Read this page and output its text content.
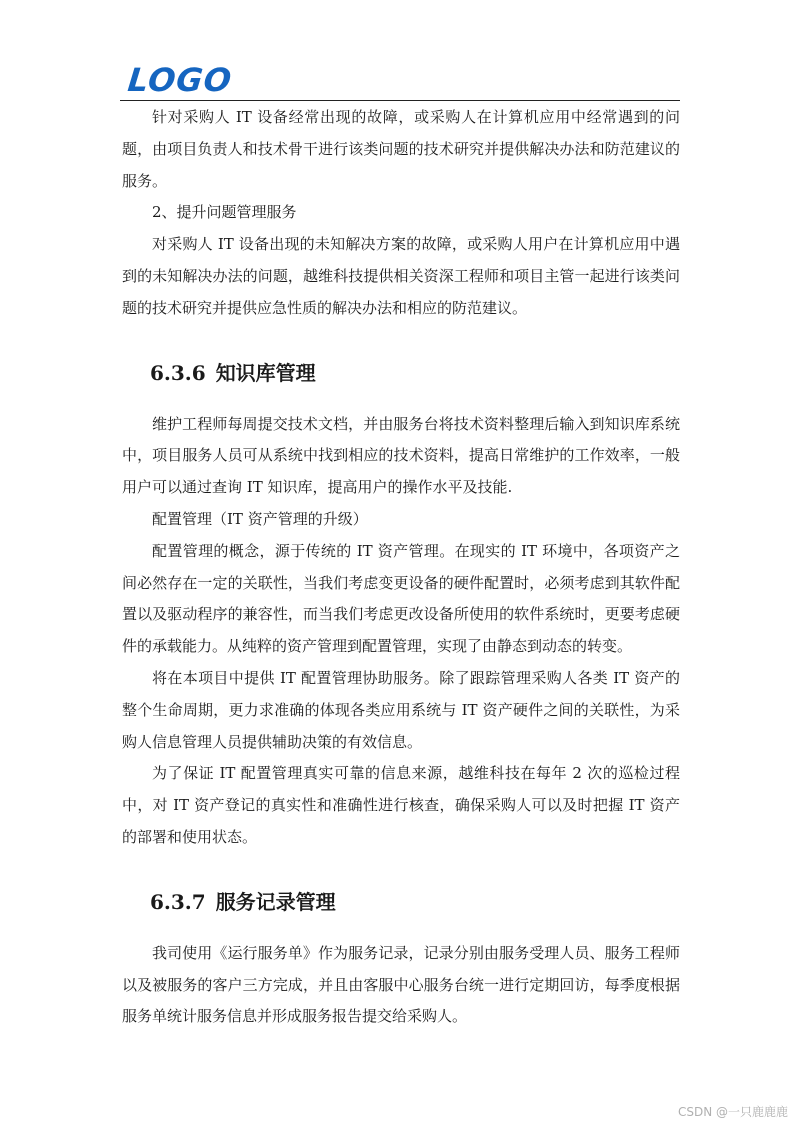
LOGO

针对采购人 IT 设备经常出现的故障，或采购人在计算机应用中经常遇到的问题，由项目负责人和技术骨干进行该类问题的技术研究并提供解决办法和防范建议的服务。

2、提升问题管理服务

对采购人 IT 设备出现的未知解决方案的故障，或采购人用户在计算机应用中遇到的未知解决办法的问题，越维科技提供相关资深工程师和项目主管一起进行该类问题的技术研究并提供应急性质的解决办法和相应的防范建议。

6.3.6 知识库管理

维护工程师每周提交技术文档，并由服务台将技术资料整理后输入到知识库系统中，项目服务人员可从系统中找到相应的技术资料，提高日常维护的工作效率，一般用户可以通过查询 IT 知识库，提高用户的操作水平及技能.

配置管理（IT 资产管理的升级）

配置管理的概念，源于传统的 IT 资产管理。在现实的 IT 环境中，各项资产之间必然存在一定的关联性，当我们考虑变更设备的硬件配置时，必须考虑到其软件配置以及驱动程序的兼容性，而当我们考虑更改设备所使用的软件系统时，更要考虑硬件的承载能力。从纯粹的资产管理到配置管理，实现了由静态到动态的转变。

将在本项目中提供 IT 配置管理协助服务。除了跟踪管理采购人各类 IT 资产的整个生命周期，更力求准确的体现各类应用系统与 IT 资产硬件之间的关联性，为采购人信息管理人员提供辅助决策的有效信息。

为了保证 IT 配置管理真实可靠的信息来源，越维科技在每年 2 次的巡检过程中，对 IT 资产登记的真实性和准确性进行核查，确保采购人可以及时把握 IT 资产的部署和使用状态。

6.3.7 服务记录管理

我司使用《运行服务单》作为服务记录，记录分别由服务受理人员、服务工程师以及被服务的客户三方完成，并且由客服中心服务台统一进行定期回访，每季度根据服务单统计服务信息并形成服务报告提交给采购人。

CSDN @一只鹿鹿鹿
